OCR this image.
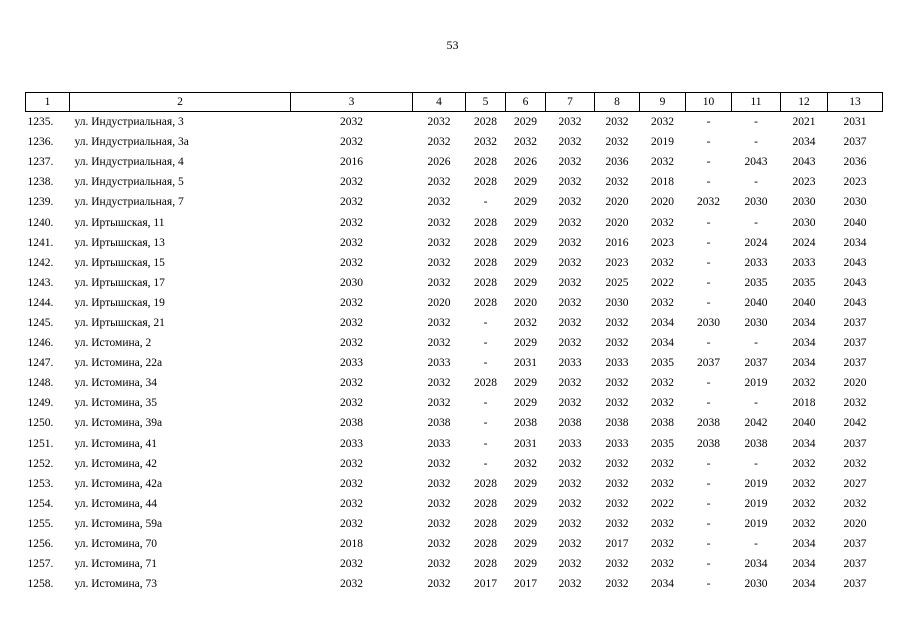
53
1	2	3	4	5	6	7	8	9	10	11	12	13
1235.	ул. Индустриальная, 3	2032	2032	2028	2029	2032	2032	2032	-	-	2021	2031
1236.	ул. Индустриальная, 3а	2032	2032	2032	2032	2032	2032	2019	-	-	2034	2037
1237.	ул. Индустриальная, 4	2016	2026	2028	2026	2032	2036	2032	-	2043	2043	2036
1238.	ул. Индустриальная, 5	2032	2032	2028	2029	2032	2032	2018	-	-	2023	2023
1239.	ул. Индустриальная, 7	2032	2032	-	2029	2032	2020	2020	2032	2030	2030	2030
1240.	ул. Иртышская, 11	2032	2032	2028	2029	2032	2020	2032	-	-	2030	2040
1241.	ул. Иртышская, 13	2032	2032	2028	2029	2032	2016	2023	-	2024	2024	2034
1242.	ул. Иртышская, 15	2032	2032	2028	2029	2032	2023	2032	-	2033	2033	2043
1243.	ул. Иртышская, 17	2030	2032	2028	2029	2032	2025	2022	-	2035	2035	2043
1244.	ул. Иртышская, 19	2032	2020	2028	2020	2032	2030	2032	-	2040	2040	2043
1245.	ул. Иртышская, 21	2032	2032	-	2032	2032	2032	2034	2030	2030	2034	2037
1246.	ул. Истомина, 2	2032	2032	-	2029	2032	2032	2034	-	-	2034	2037
1247.	ул. Истомина, 22а	2033	2033	-	2031	2033	2033	2035	2037	2037	2034	2037
1248.	ул. Истомина, 34	2032	2032	2028	2029	2032	2032	2032	-	2019	2032	2020
1249.	ул. Истомина, 35	2032	2032	-	2029	2032	2032	2032	-	-	2018	2032
1250.	ул. Истомина, 39а	2038	2038	-	2038	2038	2038	2038	2038	2042	2040	2042
1251.	ул. Истомина, 41	2033	2033	-	2031	2033	2033	2035	2038	2038	2034	2037
1252.	ул. Истомина, 42	2032	2032	-	2032	2032	2032	2032	-	-	2032	2032
1253.	ул. Истомина, 42а	2032	2032	2028	2029	2032	2032	2032	-	2019	2032	2027
1254.	ул. Истомина, 44	2032	2032	2028	2029	2032	2032	2022	-	2019	2032	2032
1255.	ул. Истомина, 59а	2032	2032	2028	2029	2032	2032	2032	-	2019	2032	2020
1256.	ул. Истомина, 70	2018	2032	2028	2029	2032	2017	2032	-	-	2034	2037
1257.	ул. Истомина, 71	2032	2032	2028	2029	2032	2032	2032	-	2034	2034	2037
1258.	ул. Истомина, 73	2032	2032	2017	2017	2032	2032	2034	-	2030	2034	2037
